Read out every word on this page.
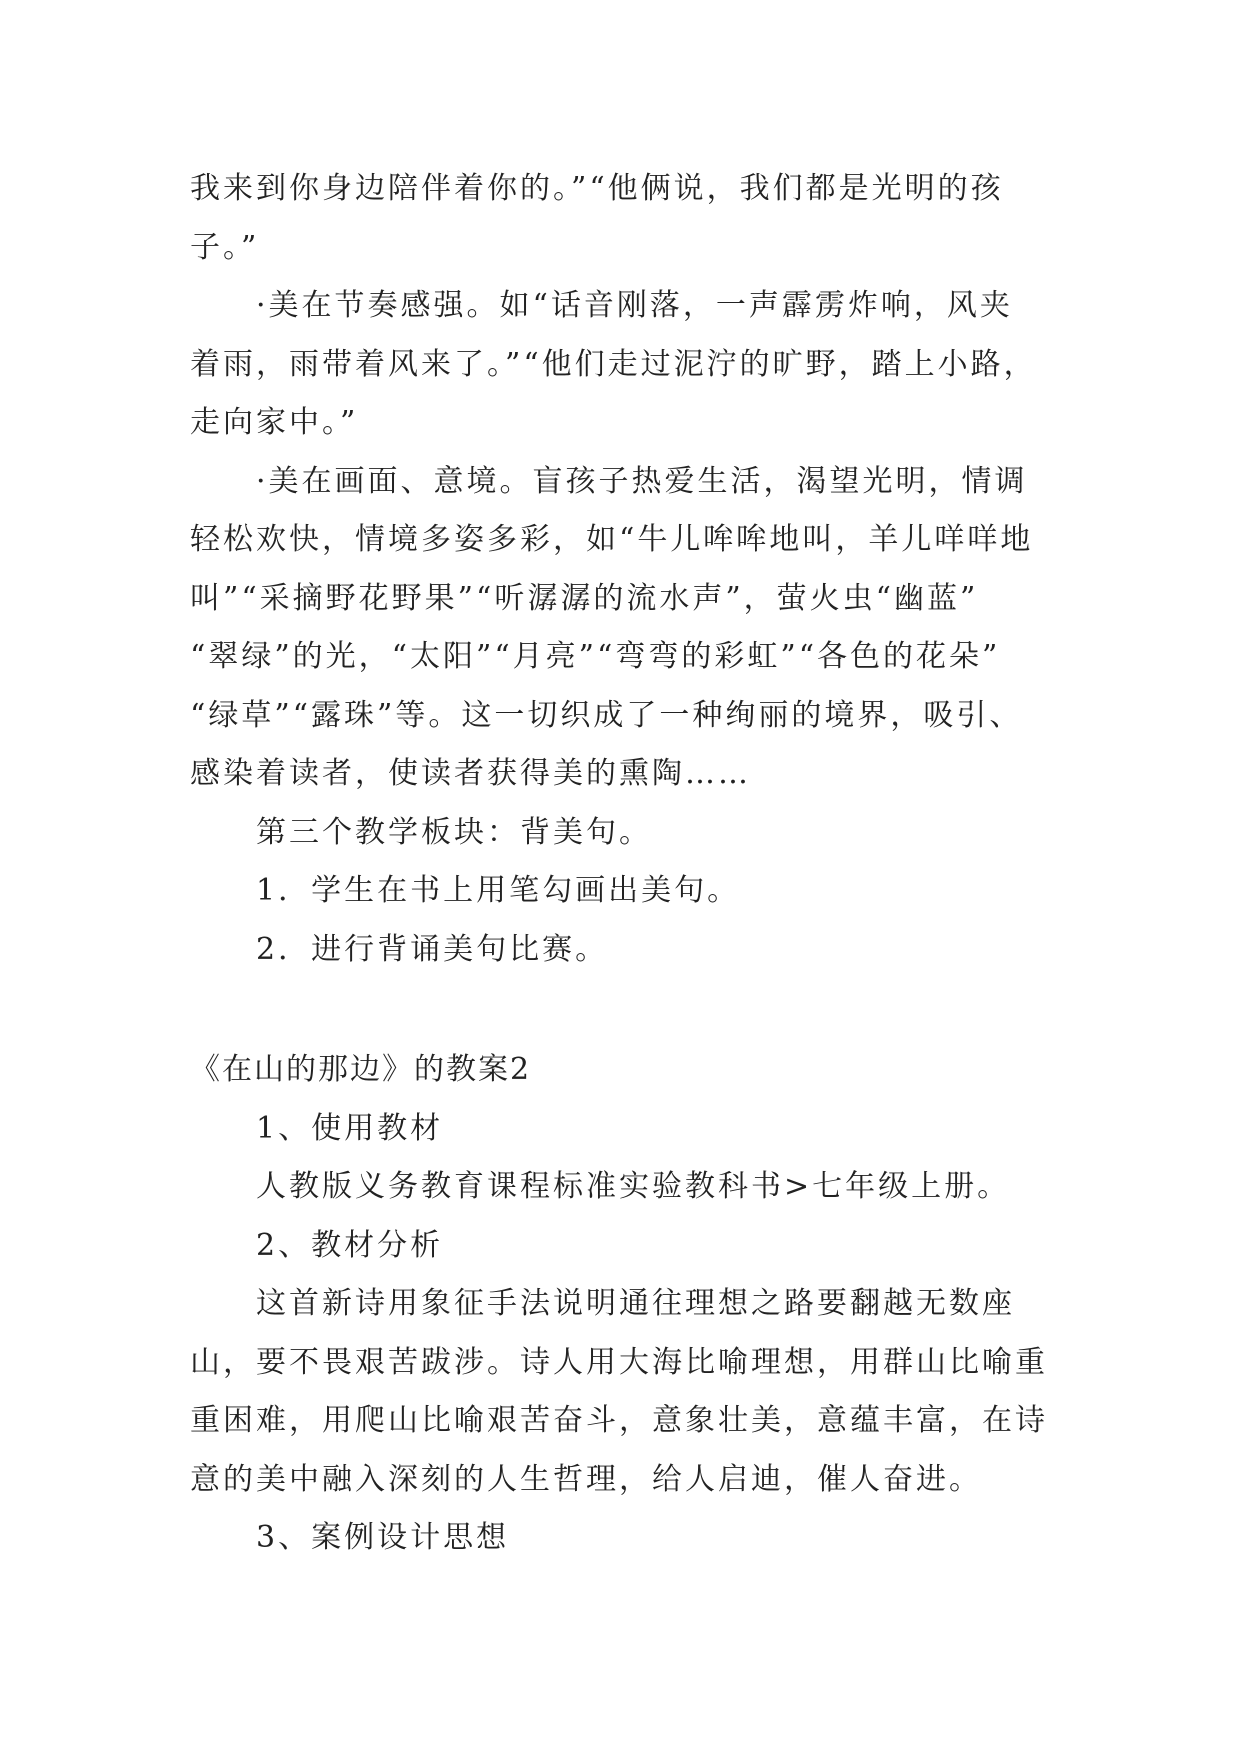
我来到你身边陪伴着你的。”“他俩说，我们都是光明的孩
子。”
·美在节奏感强。如“话音刚落，一声霹雳炸响，风夹
着雨，雨带着风来了。”“他们走过泥泞的旷野，踏上小路，
走向家中。”
·美在画面、意境。盲孩子热爱生活，渴望光明，情调
轻松欢快，情境多姿多彩，如“牛儿哞哞地叫，羊儿咩咩地
叫”“采摘野花野果”“听潺潺的流水声”，萤火虫“幽蓝”
“翠绿”的光，“太阳”“月亮”“弯弯的彩虹”“各色的花朵”
“绿草”“露珠”等。这一切织成了一种绚丽的境界，吸引、
感染着读者，使读者获得美的熏陶……
第三个教学板块：背美句。
1．学生在书上用笔勾画出美句。
2．进行背诵美句比赛。
《在山的那边》的教案2
1、使用教材
人教版义务教育课程标准实验教科书>七年级上册。
2、教材分析
这首新诗用象征手法说明通往理想之路要翻越无数座
山，要不畏艰苦跋涉。诗人用大海比喻理想，用群山比喻重
重困难，用爬山比喻艰苦奋斗，意象壮美，意蕴丰富，在诗
意的美中融入深刻的人生哲理，给人启迪，催人奋进。
3、案例设计思想
